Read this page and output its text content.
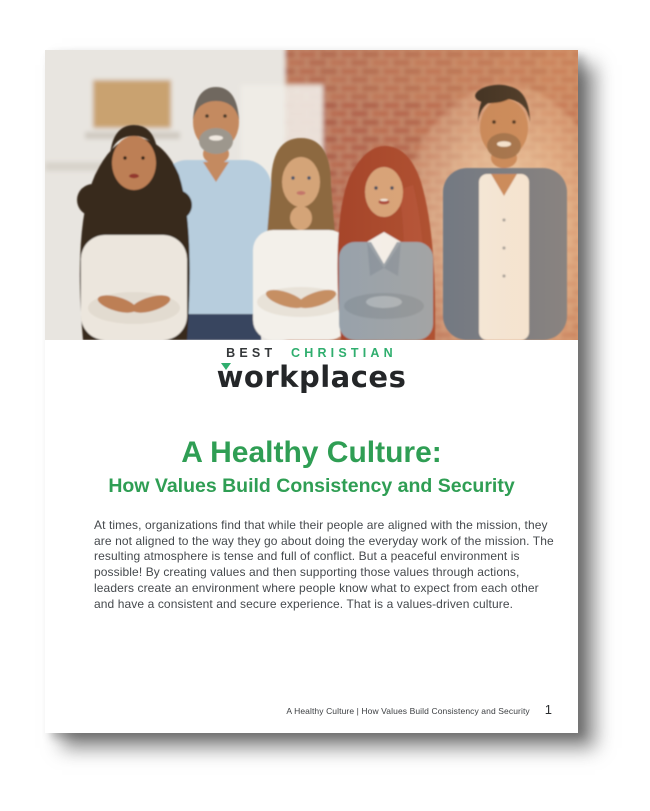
BEST CHRISTIAN
workplaces
A Healthy Culture:
How Values Build Consistency and Security

At times, organizations find that while their people are aligned with the mission, they are not aligned to the way they go about doing the everyday work of the mission. The resulting atmosphere is tense and full of conflict. But a peaceful environment is possible! By creating values and then supporting those values through actions, leaders create an environment where people know what to expect from each other and have a consistent and secure experience. That is a values-driven culture.

A Healthy Culture | How Values Build Consistency and Security 1
